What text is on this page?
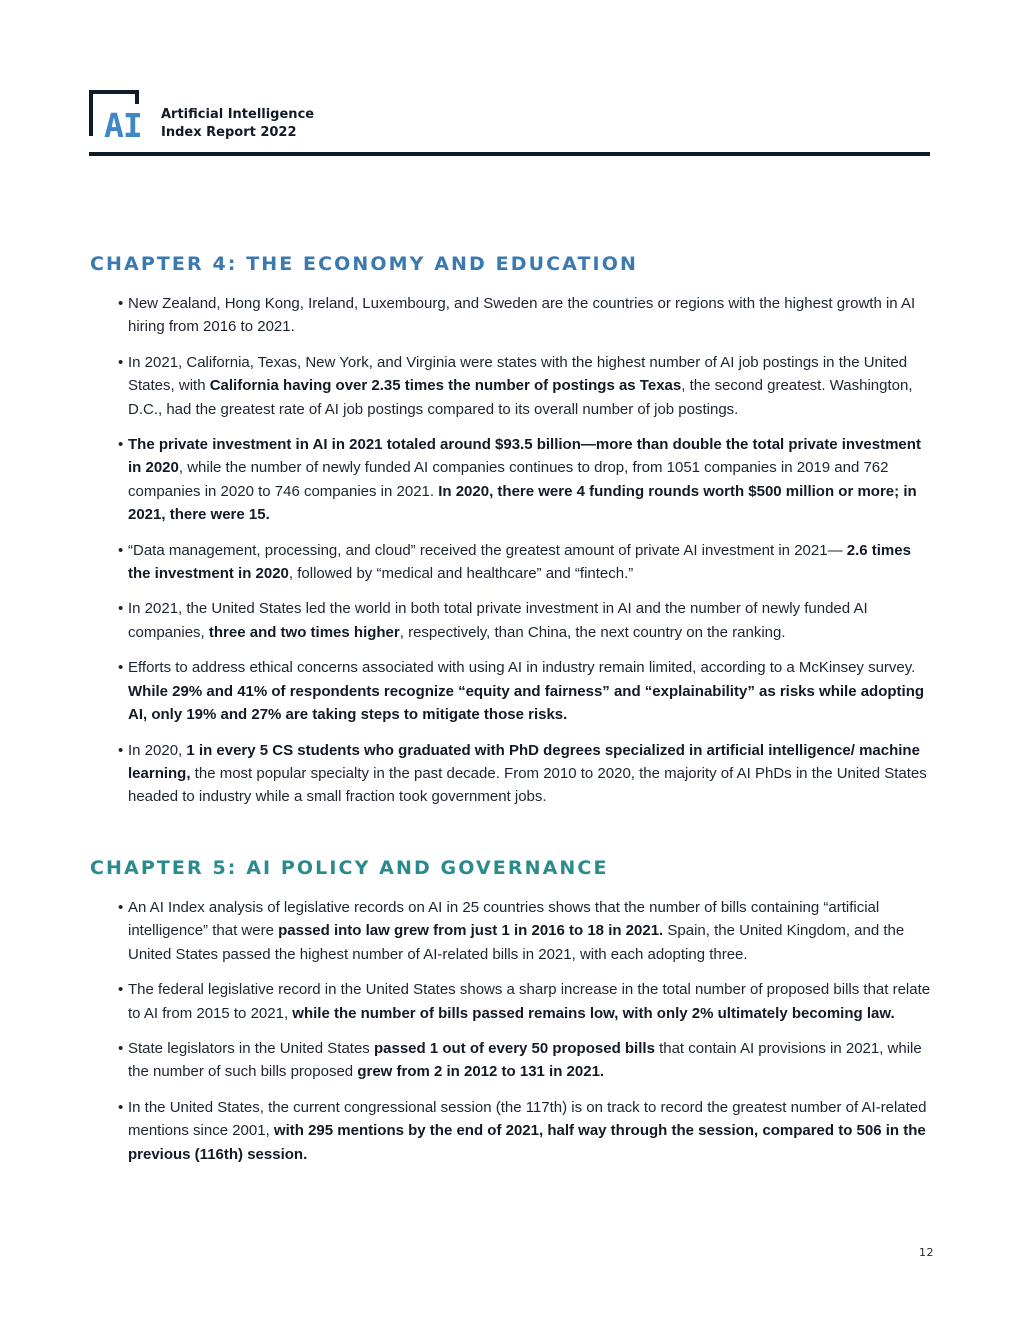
AI Artificial Intelligence
Index Report 2022
CHAPTER 4: THE ECONOMY AND EDUCATION
• New Zealand, Hong Kong, Ireland, Luxembourg, and Sweden are the countries or regions with the highest growth in AI hiring from 2016 to 2021.
• In 2021, California, Texas, New York, and Virginia were states with the highest number of AI job postings in the United States, with California having over 2.35 times the number of postings as Texas, the second greatest. Washington, D.C., had the greatest rate of AI job postings compared to its overall number of job postings.
• The private investment in AI in 2021 totaled around $93.5 billion—more than double the total private investment in 2020, while the number of newly funded AI companies continues to drop, from 1051 companies in 2019 and 762 companies in 2020 to 746 companies in 2021. In 2020, there were 4 funding rounds worth $500 million or more; in 2021, there were 15.
• “Data management, processing, and cloud” received the greatest amount of private AI investment in 2021— 2.6 times the investment in 2020, followed by “medical and healthcare” and “fintech.”
• In 2021, the United States led the world in both total private investment in AI and the number of newly funded AI companies, three and two times higher, respectively, than China, the next country on the ranking.
• Efforts to address ethical concerns associated with using AI in industry remain limited, according to a McKinsey survey. While 29% and 41% of respondents recognize “equity and fairness” and “explainability” as risks while adopting AI, only 19% and 27% are taking steps to mitigate those risks.
• In 2020, 1 in every 5 CS students who graduated with PhD degrees specialized in artificial intelligence/ machine learning, the most popular specialty in the past decade. From 2010 to 2020, the majority of AI PhDs in the United States headed to industry while a small fraction took government jobs.
CHAPTER 5: AI POLICY AND GOVERNANCE
• An AI Index analysis of legislative records on AI in 25 countries shows that the number of bills containing “artificial intelligence” that were passed into law grew from just 1 in 2016 to 18 in 2021. Spain, the United Kingdom, and the United States passed the highest number of AI-related bills in 2021, with each adopting three.
• The federal legislative record in the United States shows a sharp increase in the total number of proposed bills that relate to AI from 2015 to 2021, while the number of bills passed remains low, with only 2% ultimately becoming law.
• State legislators in the United States passed 1 out of every 50 proposed bills that contain AI provisions in 2021, while the number of such bills proposed grew from 2 in 2012 to 131 in 2021.
• In the United States, the current congressional session (the 117th) is on track to record the greatest number of AI-related mentions since 2001, with 295 mentions by the end of 2021, half way through the session, compared to 506 in the previous (116th) session.
12
